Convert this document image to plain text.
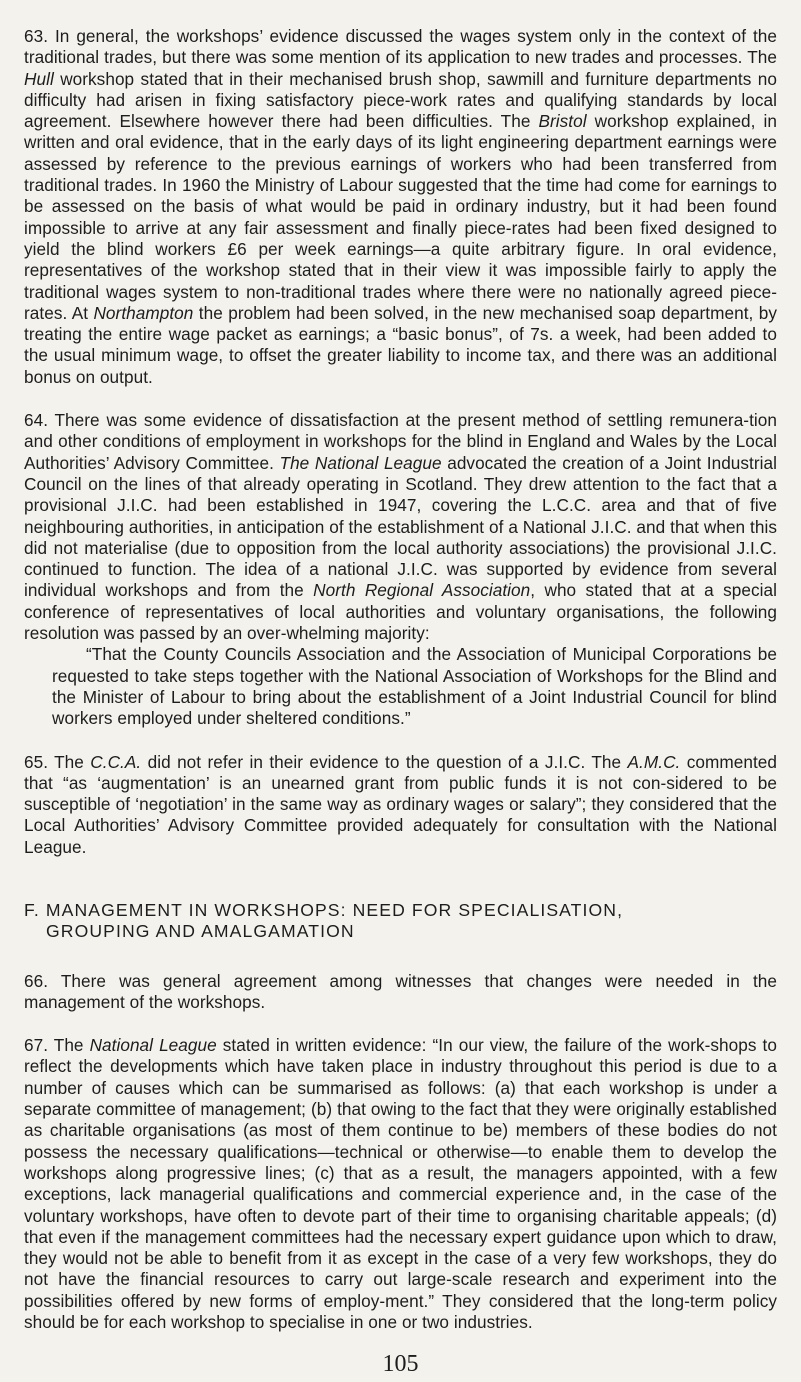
63. In general, the workshops’ evidence discussed the wages system only in the context of the traditional trades, but there was some mention of its application to new trades and processes. The Hull workshop stated that in their mechanised brush shop, sawmill and furniture departments no difficulty had arisen in fixing satisfactory piece-work rates and qualifying standards by local agreement. Elsewhere however there had been difficulties. The Bristol workshop explained, in written and oral evidence, that in the early days of its light engineering department earnings were assessed by reference to the previous earnings of workers who had been transferred from traditional trades. In 1960 the Ministry of Labour suggested that the time had come for earnings to be assessed on the basis of what would be paid in ordinary industry, but it had been found impossible to arrive at any fair assessment and finally piece-rates had been fixed designed to yield the blind workers £6 per week earnings—a quite arbitrary figure. In oral evidence, representatives of the workshop stated that in their view it was impossible fairly to apply the traditional wages system to non-traditional trades where there were no nationally agreed piece-rates. At Northampton the problem had been solved, in the new mechanised soap department, by treating the entire wage packet as earnings; a “basic bonus”, of 7s. a week, had been added to the usual minimum wage, to offset the greater liability to income tax, and there was an additional bonus on output.

64. There was some evidence of dissatisfaction at the present method of settling remunera-tion and other conditions of employment in workshops for the blind in England and Wales by the Local Authorities’ Advisory Committee. The National League advocated the creation of a Joint Industrial Council on the lines of that already operating in Scotland. They drew attention to the fact that a provisional J.I.C. had been established in 1947, covering the L.C.C. area and that of five neighbouring authorities, in anticipation of the establishment of a National J.I.C. and that when this did not materialise (due to opposition from the local authority associations) the provisional J.I.C. continued to function. The idea of a national J.I.C. was supported by evidence from several individual workshops and from the North Regional Association, who stated that at a special conference of representatives of local authorities and voluntary organisations, the following resolution was passed by an over-whelming majority:

“That the County Councils Association and the Association of Municipal Corporations be requested to take steps together with the National Association of Workshops for the Blind and the Minister of Labour to bring about the establishment of a Joint Industrial Council for blind workers employed under sheltered conditions.”

65. The C.C.A. did not refer in their evidence to the question of a J.I.C. The A.M.C. commented that “as ‘augmentation’ is an unearned grant from public funds it is not con-sidered to be susceptible of ‘negotiation’ in the same way as ordinary wages or salary”; they considered that the Local Authorities’ Advisory Committee provided adequately for consultation with the National League.

F. MANAGEMENT IN WORKSHOPS: NEED FOR SPECIALISATION,
GROUPING AND AMALGAMATION

66. There was general agreement among witnesses that changes were needed in the management of the workshops.

67. The National League stated in written evidence: “In our view, the failure of the work-shops to reflect the developments which have taken place in industry throughout this period is due to a number of causes which can be summarised as follows: (a) that each workshop is under a separate committee of management; (b) that owing to the fact that they were originally established as charitable organisations (as most of them continue to be) members of these bodies do not possess the necessary qualifications—technical or otherwise—to enable them to develop the workshops along progressive lines; (c) that as a result, the managers appointed, with a few exceptions, lack managerial qualifications and commercial experience and, in the case of the voluntary workshops, have often to devote part of their time to organising charitable appeals; (d) that even if the management committees had the necessary expert guidance upon which to draw, they would not be able to benefit from it as except in the case of a very few workshops, they do not have the financial resources to carry out large-scale research and experiment into the possibilities offered by new forms of employ-ment.” They considered that the long-term policy should be for each workshop to specialise in one or two industries.

105
